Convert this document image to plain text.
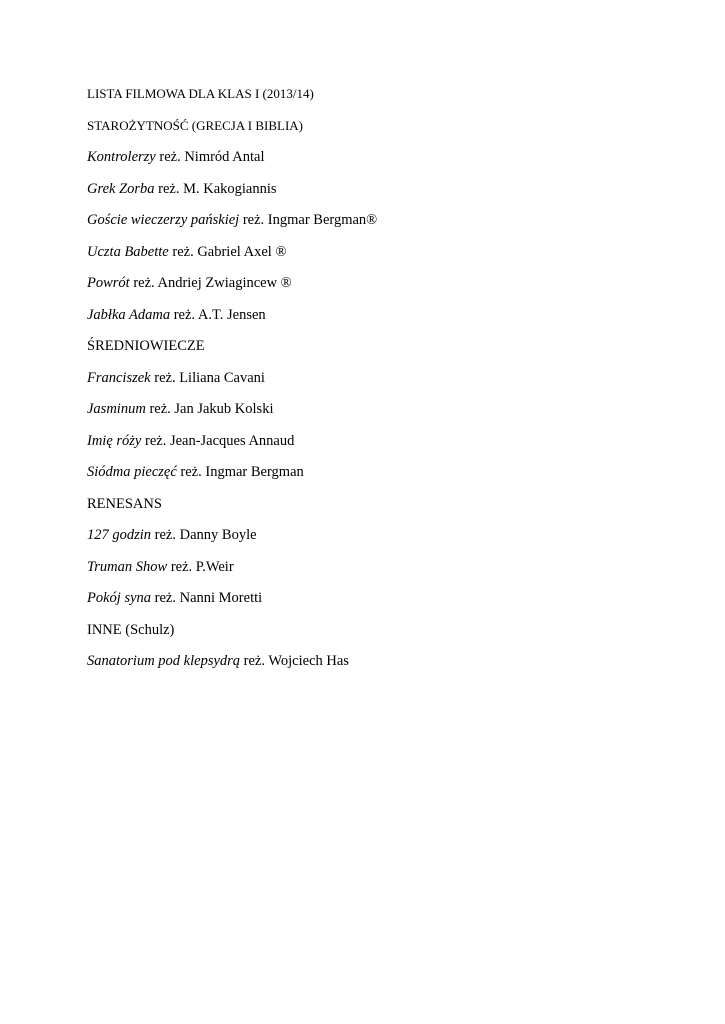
LISTA FILMOWA DLA KLAS I (2013/14)
STAROŻYTNOŚĆ (GRECJA I BIBLIA)
Kontrolerzy reż. Nimród Antal
Grek Zorba reż. M. Kakogiannis
Goście wieczerzy pańskiej reż. Ingmar Bergman®
Uczta Babette reż. Gabriel Axel ®
Powrót reż. Andriej Zwiagincew ®
Jabłka Adama reż. A.T. Jensen
ŚREDNIOWIECZE
Franciszek reż. Liliana Cavani
Jasminum reż. Jan Jakub Kolski
Imię róży reż. Jean-Jacques Annaud
Siódma pieczęć reż. Ingmar Bergman
RENESANS
127 godzin reż. Danny Boyle
Truman Show reż. P.Weir
Pokój syna reż. Nanni Moretti
INNE (Schulz)
Sanatorium pod klepsydrą reż. Wojciech Has
